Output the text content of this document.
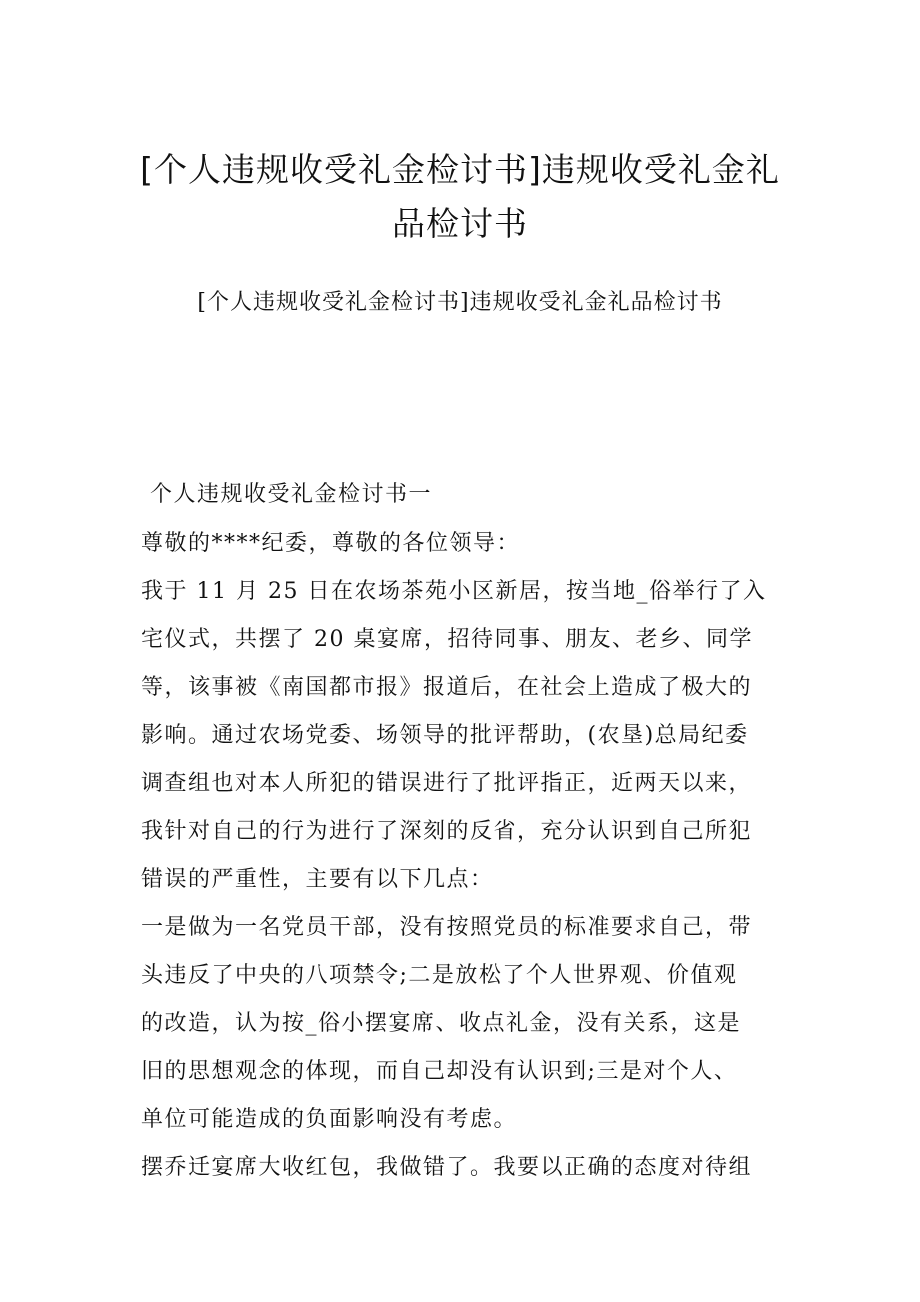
[个人违规收受礼金检讨书]违规收受礼金礼
品检讨书
[个人违规收受礼金检讨书]违规收受礼金礼品检讨书
个人违规收受礼金检讨书一
尊敬的****纪委，尊敬的各位领导：
我于 11 月 25 日在农场茶苑小区新居，按当地_俗举行了入
宅仪式，共摆了 20 桌宴席，招待同事、朋友、老乡、同学
等，该事被《南国都市报》报道后，在社会上造成了极大的
影响。通过农场党委、场领导的批评帮助，(农垦)总局纪委
调查组也对本人所犯的错误进行了批评指正，近两天以来，
我针对自己的行为进行了深刻的反省，充分认识到自己所犯
错误的严重性，主要有以下几点：
一是做为一名党员干部，没有按照党员的标准要求自己，带
头违反了中央的八项禁令;二是放松了个人世界观、价值观
的改造，认为按_俗小摆宴席、收点礼金，没有关系，这是
旧的思想观念的体现，而自己却没有认识到;三是对个人、
单位可能造成的负面影响没有考虑。
摆乔迁宴席大收红包，我做错了。我要以正确的态度对待组
